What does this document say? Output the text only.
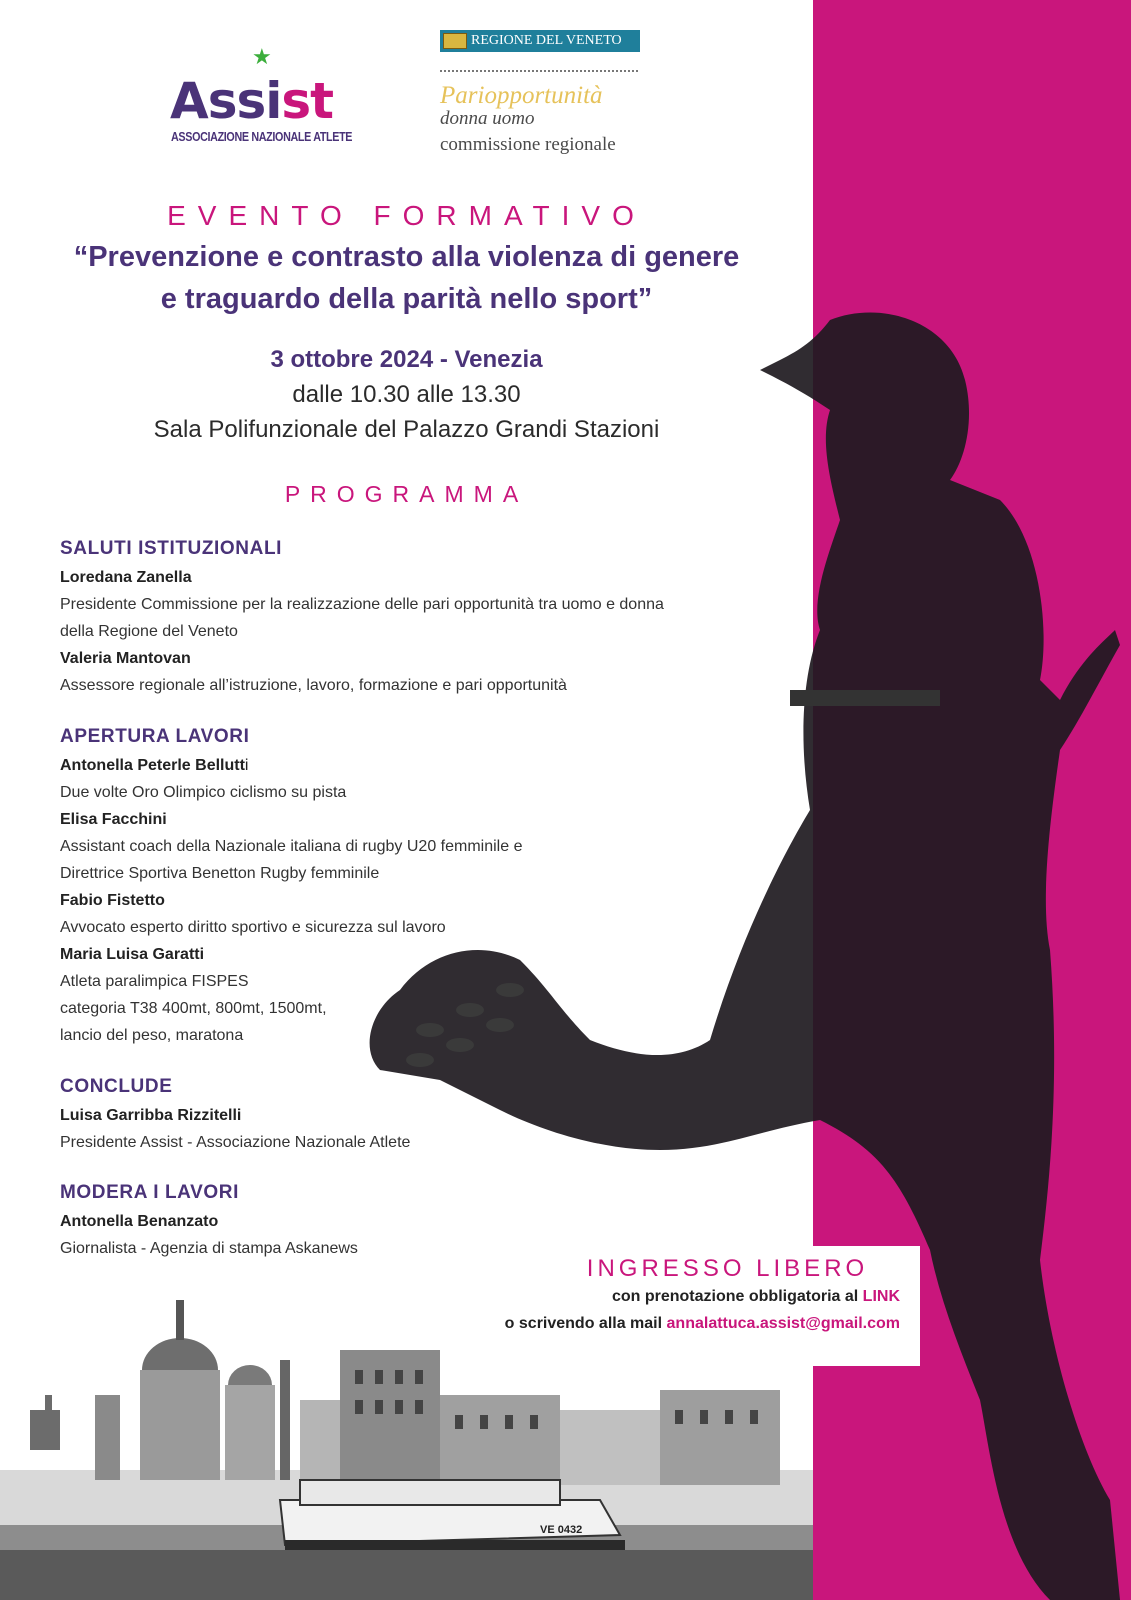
VE 0432
★
Assist
ASSOCIAZIONE NAZIONALE ATLETE
REGIONE DEL VENETO
Pariopportunità
donna uomo
commissione regionale
EVENTO FORMATIVO
“Prevenzione e contrasto alla violenza di genere
e traguardo della parità nello sport”
3 ottobre 2024 - Venezia
dalle 10.30 alle 13.30
Sala Polifunzionale del Palazzo Grandi Stazioni
PROGRAMMA
SALUTI ISTITUZIONALI
Loredana Zanella
Presidente Commissione per la realizzazione delle pari opportunità tra uomo e donna
della Regione del Veneto
Valeria Mantovan
Assessore regionale all’istruzione, lavoro, formazione e pari opportunità
APERTURA LAVORI
Antonella Peterle Bellutti
Due volte Oro Olimpico ciclismo su pista
Elisa Facchini
Assistant coach della Nazionale italiana di rugby U20 femminile e
Direttrice Sportiva Benetton Rugby femminile
Fabio Fistetto
Avvocato esperto diritto sportivo e sicurezza sul lavoro
Maria Luisa Garatti
Atleta paralimpica FISPES
categoria T38 400mt, 800mt, 1500mt,
lancio del peso, maratona
CONCLUDE
Luisa Garribba Rizzitelli
Presidente Assist - Associazione Nazionale Atlete
MODERA I LAVORI
Antonella Benanzato
Giornalista - Agenzia di stampa Askanews
INGRESSO LIBERO
con prenotazione obbligatoria al LINK
o scrivendo alla mail annalattuca.assist@gmail.com
